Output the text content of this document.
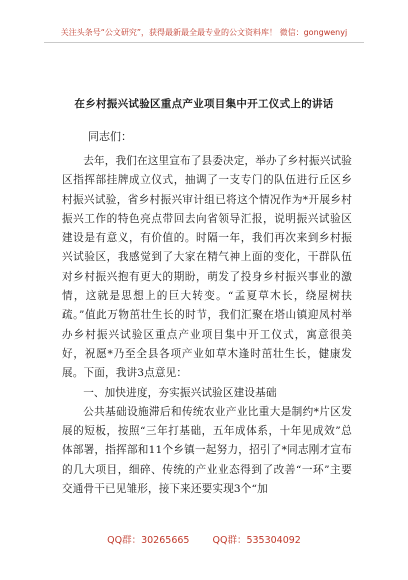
关注头条号“公文研究”，获得最新最全最专业的公文资料库！ 微信：gongwenyj
在乡村振兴试验区重点产业项目集中开工仪式上的讲话
同志们：

去年，我们在这里宣布了县委决定，举办了乡村振兴试验区指挥部挂牌成立仪式，抽调了一支专门的队伍进行丘区乡村振兴试验，省乡村振兴审计组已将这个情况作为*开展乡村振兴工作的特色亮点带回去向省领导汇报，说明振兴试验区建设是有意义，有价值的。时隔一年，我们再次来到乡村振兴试验区，我感觉到了大家在精气神上面的变化，干群队伍对乡村振兴抱有更大的期盼，萌发了投身乡村振兴事业的激情，这就是思想上的巨大转变。“孟夏草木长，绕屋树扶疏。”值此万物茁壮生长的时节，我们汇聚在塔山镇迎凤村举办乡村振兴试验区重点产业项目集中开工仪式，寓意很美好，祝愿*乃至全县各项产业如草木逢时茁壮生长，健康发展。下面，我讲3点意见：

一、加快进度，夯实振兴试验区建设基础

公共基础设施滞后和传统农业产业比重大是制约*片区发展的短板，按照“三年打基础，五年成体系，十年见成效”总体部署，指挥部和11个乡镇一起努力，招引了*同志刚才宣布的几大项目，细碎、传统的产业业态得到了改善“一环”主要交通骨干已见雏形，接下来还要实现3个“加

QQ群：30265665 QQ群：535304092
